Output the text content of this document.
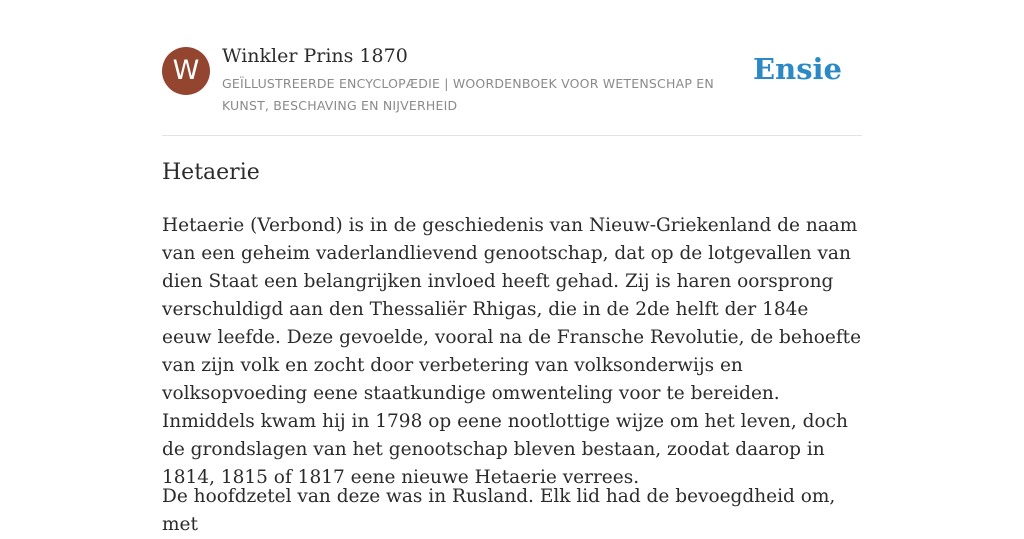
W	Winkler Prins 1870
GEÏLLUSTREERDE ENCYCLOPÆDIE | WOORDENBOEK VOOR WETENSCHAP EN KUNST, BESCHAVING EN NIJVERHEID
Ensie
Hetaerie

Hetaerie (Verbond) is in de geschiedenis van Nieuw-Griekenland de naam van een geheim vaderlandlievend genootschap, dat op de lotgevallen van dien Staat een belangrijken invloed heeft gehad. Zij is haren oorsprong verschuldigd aan den Thessaliër Rhigas, die in de 2de helft der 184e eeuw leefde. Deze gevoelde, vooral na de Fransche Revolutie, de behoefte van zijn volk en zocht door verbetering van volksonderwijs en volksopvoeding eene staatkundige omwenteling voor te bereiden. Inmiddels kwam hij in 1798 op eene nootlottige wijze om het leven, doch de grondslagen van het genootschap bleven bestaan, zoodat daarop in 1814, 1815 of 1817 eene nieuwe Hetaerie verrees.

De hoofdzetel van deze was in Rusland. Elk lid had de bevoegdheid om, met
